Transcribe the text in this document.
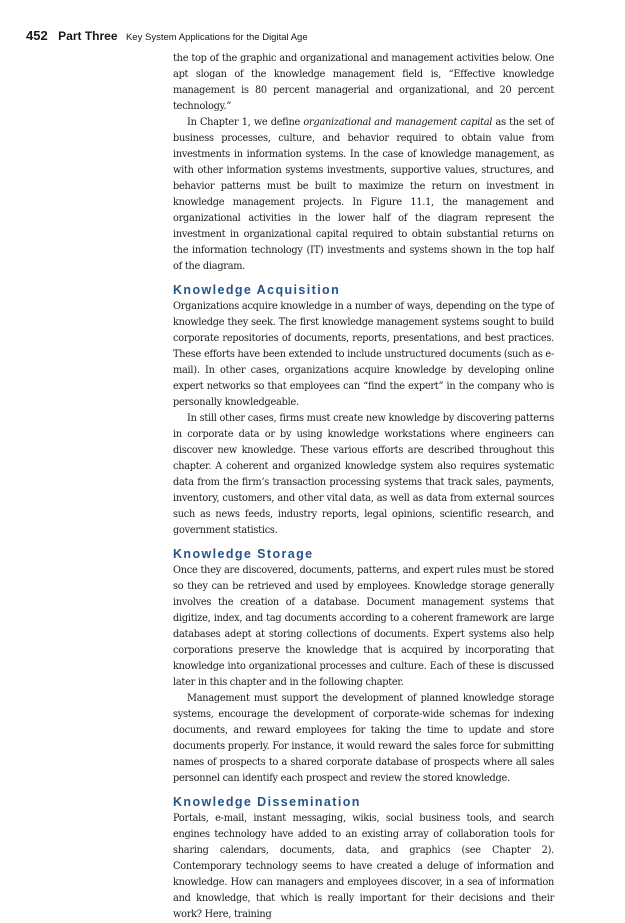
452 Part Three Key System Applications for the Digital Age

the top of the graphic and organizational and management activities below. One apt slogan of the knowledge management field is, “Effective knowledge management is 80 percent managerial and organizational, and 20 percent technology.”

In Chapter 1, we define organizational and management capital as the set of business processes, culture, and behavior required to obtain value from investments in information systems. In the case of knowledge management, as with other information systems investments, supportive values, structures, and behavior patterns must be built to maximize the return on investment in knowledge management projects. In Figure 11.1, the management and organizational activities in the lower half of the diagram represent the investment in organizational capital required to obtain substantial returns on the information technology (IT) investments and systems shown in the top half of the diagram.

Knowledge Acquisition

Organizations acquire knowledge in a number of ways, depending on the type of knowledge they seek. The first knowledge management systems sought to build corporate repositories of documents, reports, presentations, and best practices. These efforts have been extended to include unstructured documents (such as e-mail). In other cases, organizations acquire knowledge by developing online expert networks so that employees can “find the expert” in the company who is personally knowledgeable.

In still other cases, firms must create new knowledge by discovering patterns in corporate data or by using knowledge workstations where engineers can discover new knowledge. These various efforts are described throughout this chapter. A coherent and organized knowledge system also requires systematic data from the firm’s transaction processing systems that track sales, payments, inventory, customers, and other vital data, as well as data from external sources such as news feeds, industry reports, legal opinions, scientific research, and government statistics.

Knowledge Storage

Once they are discovered, documents, patterns, and expert rules must be stored so they can be retrieved and used by employees. Knowledge storage generally involves the creation of a database. Document management systems that digitize, index, and tag documents according to a coherent framework are large databases adept at storing collections of documents. Expert systems also help corporations preserve the knowledge that is acquired by incorporating that knowledge into organizational processes and culture. Each of these is discussed later in this chapter and in the following chapter.

Management must support the development of planned knowledge storage systems, encourage the development of corporate-wide schemas for indexing documents, and reward employees for taking the time to update and store documents properly. For instance, it would reward the sales force for submitting names of prospects to a shared corporate database of prospects where all sales personnel can identify each prospect and review the stored knowledge.

Knowledge Dissemination

Portals, e-mail, instant messaging, wikis, social business tools, and search engines technology have added to an existing array of collaboration tools for sharing calendars, documents, data, and graphics (see Chapter 2). Contemporary technology seems to have created a deluge of information and knowledge. How can managers and employees discover, in a sea of information and knowledge, that which is really important for their decisions and their work? Here, training
